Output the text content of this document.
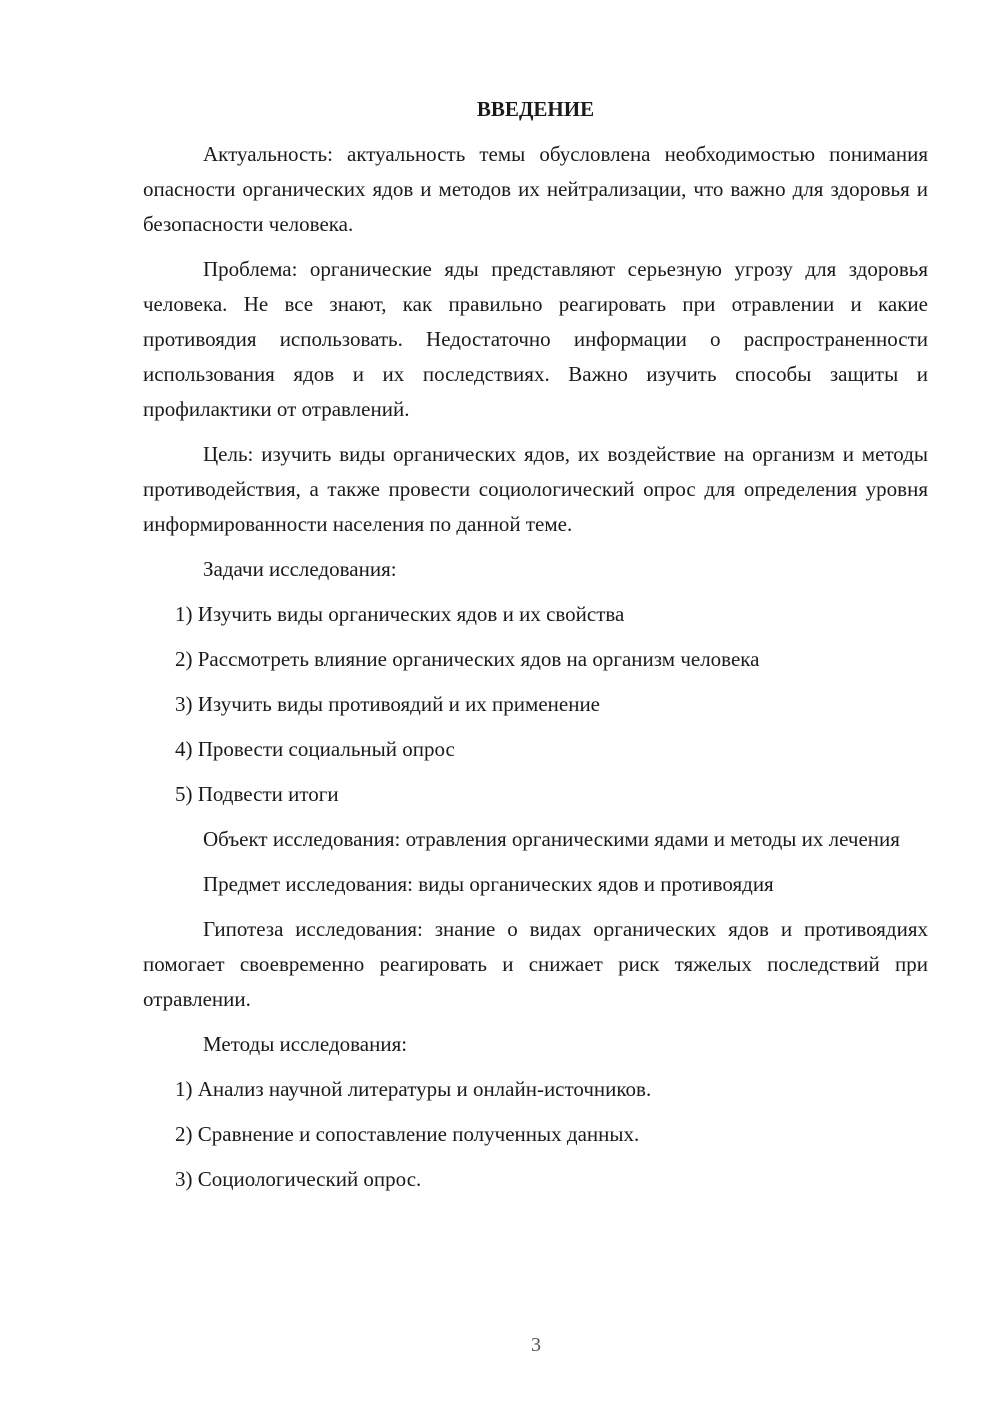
ВВЕДЕНИЕ

Актуальность: актуальность темы обусловлена необходимостью понимания опасности органических ядов и методов их нейтрализации, что важно для здоровья и безопасности человека.

Проблема: органические яды представляют серьезную угрозу для здоровья человека. Не все знают, как правильно реагировать при отравлении и какие противоядия использовать. Недостаточно информации о распространенности использования ядов и их последствиях. Важно изучить способы защиты и профилактики от отравлений.

Цель: изучить виды органических ядов, их воздействие на организм и методы противодействия, а также провести социологический опрос для определения уровня информированности населения по данной теме.

Задачи исследования:

1) Изучить виды органических ядов и их свойства
2) Рассмотреть влияние органических ядов на организм человека
3) Изучить виды противоядий и их применение
4) Провести социальный опрос
5) Подвести итоги

Объект исследования: отравления органическими ядами и методы их лечения

Предмет исследования: виды органических ядов и противоядия

Гипотеза исследования: знание о видах органических ядов и противоядиях помогает своевременно реагировать и снижает риск тяжелых последствий при отравлении.

Методы исследования:

1) Анализ научной литературы и онлайн-источников.
2) Сравнение и сопоставление полученных данных.
3) Социологический опрос.
3
